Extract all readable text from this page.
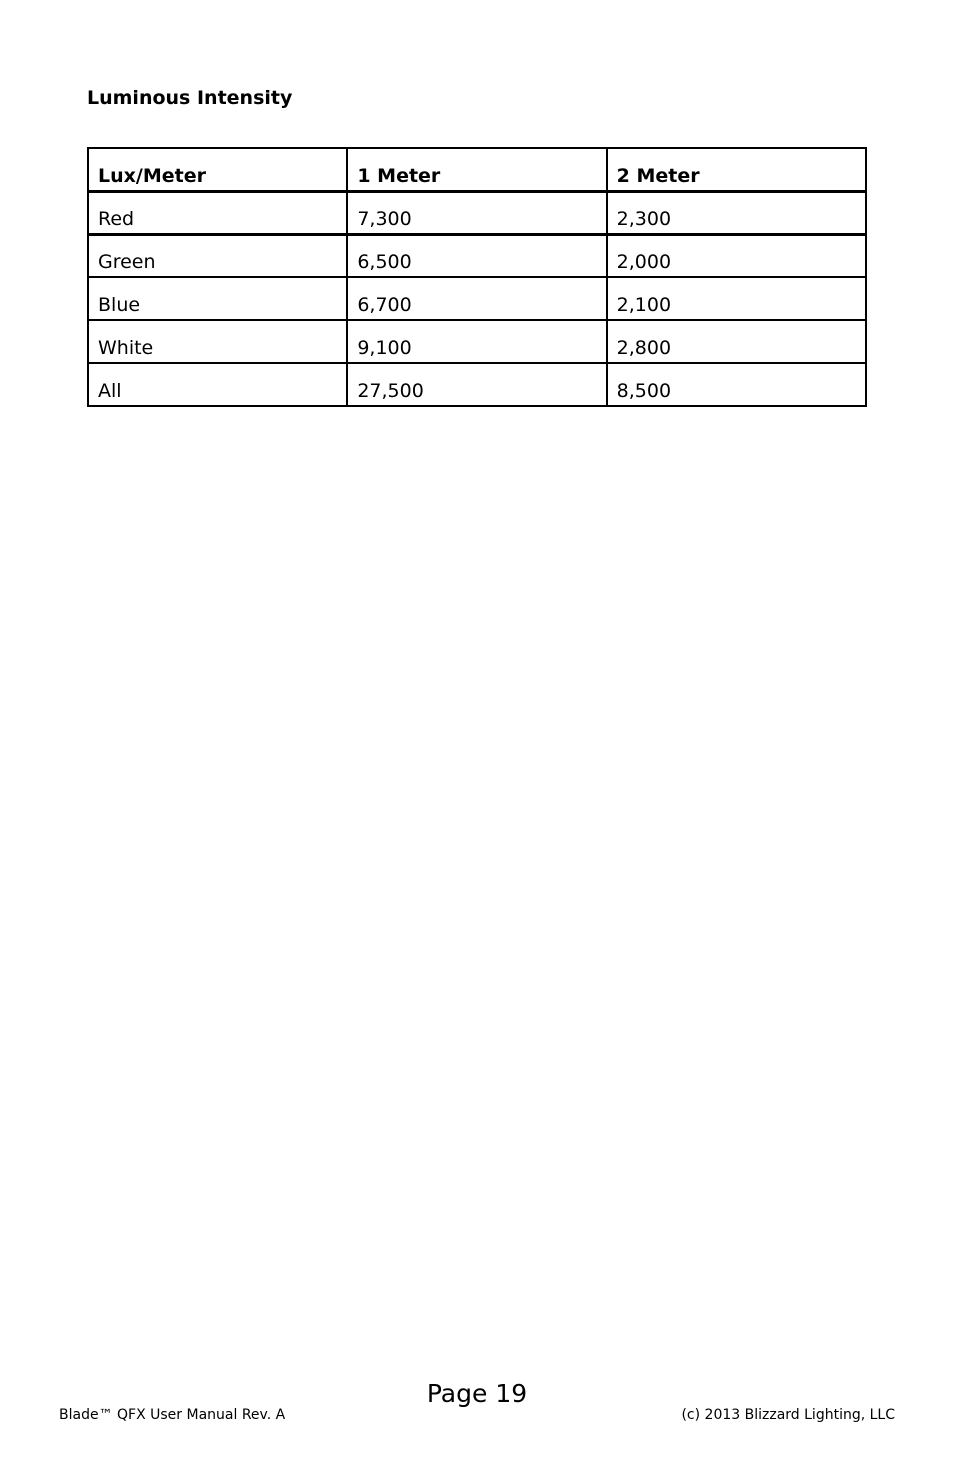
Luminous Intensity
Lux/Meter	1 Meter	2 Meter
Red	7,300	2,300
Green	6,500	2,000
Blue	6,700	2,100
White	9,100	2,800
All	27,500	8,500
Page 19
Blade™ QFX User Manual Rev. A	(c) 2013 Blizzard Lighting, LLC
